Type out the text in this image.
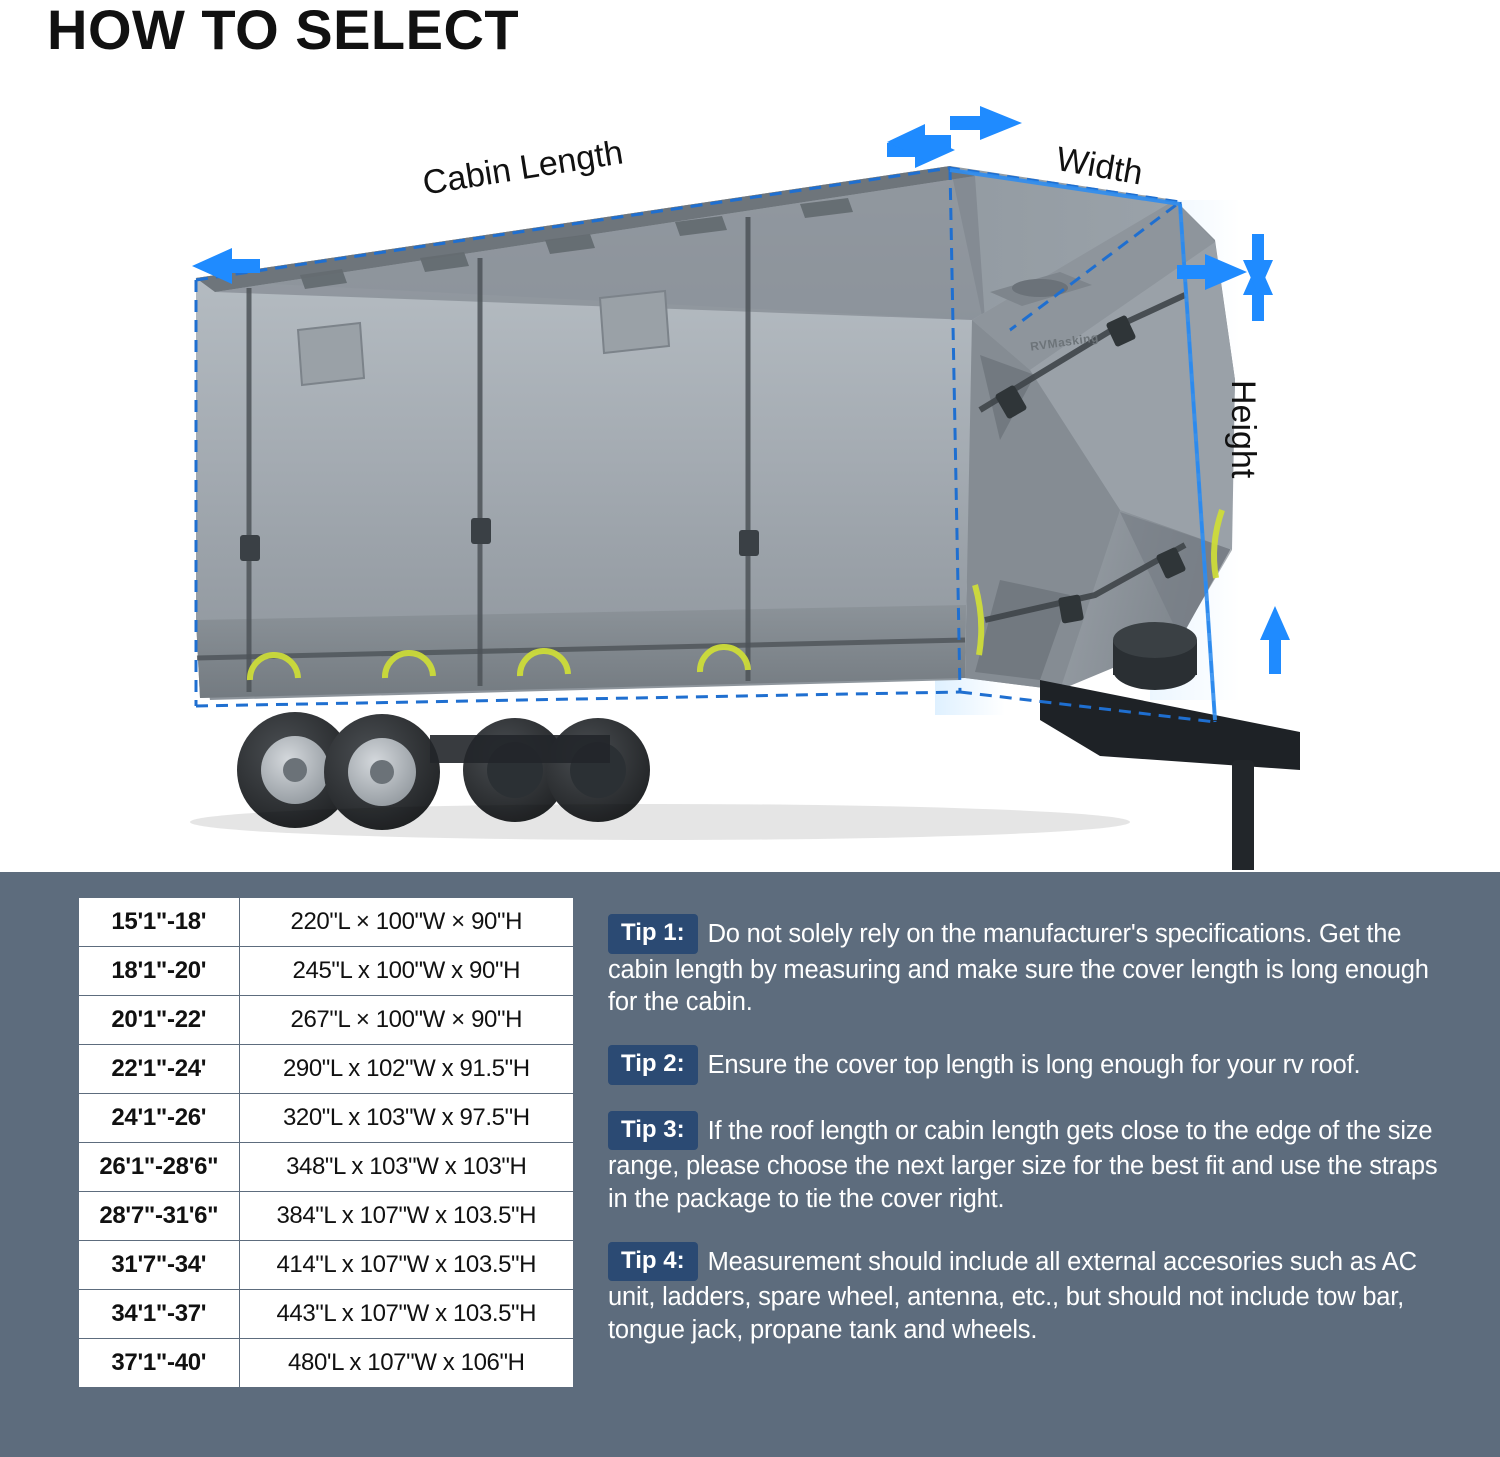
HOW TO SELECT
Cabin Length	Width
Height
RVMasking
15'1"-18'	220"L × 100"W × 90"H
18'1"-20'	245"L x 100"W x 90"H
20'1"-22'	267"L × 100"W × 90"H
22'1"-24'	290"L x 102"W x 91.5"H
24'1"-26'	320"L x 103"W x 97.5"H
26'1"-28'6"	348"L x 103"W x 103"H
28'7"-31'6"	384"L x 107"W x 103.5"H
31'7"-34'	414"L x 107"W x 103.5"H
34'1"-37'	443"L x 107"W x 103.5"H
37'1"-40'	480'L x 107"W x 106"H
Tip 1: Do not solely rely on the manufacturer's specifications. Get the cabin length by measuring and make sure the cover length is long enough for the cabin.
Tip 2: Ensure the cover top length is long enough for your rv roof.
Tip 3: If the roof length or cabin length gets close to the edge of the size range, please choose the next larger size for the best fit and use the straps in the package to tie the cover right.
Tip 4: Measurement should include all external accesories such as AC unit, ladders, spare wheel, antenna, etc., but should not include tow bar, tongue jack, propane tank and wheels.
